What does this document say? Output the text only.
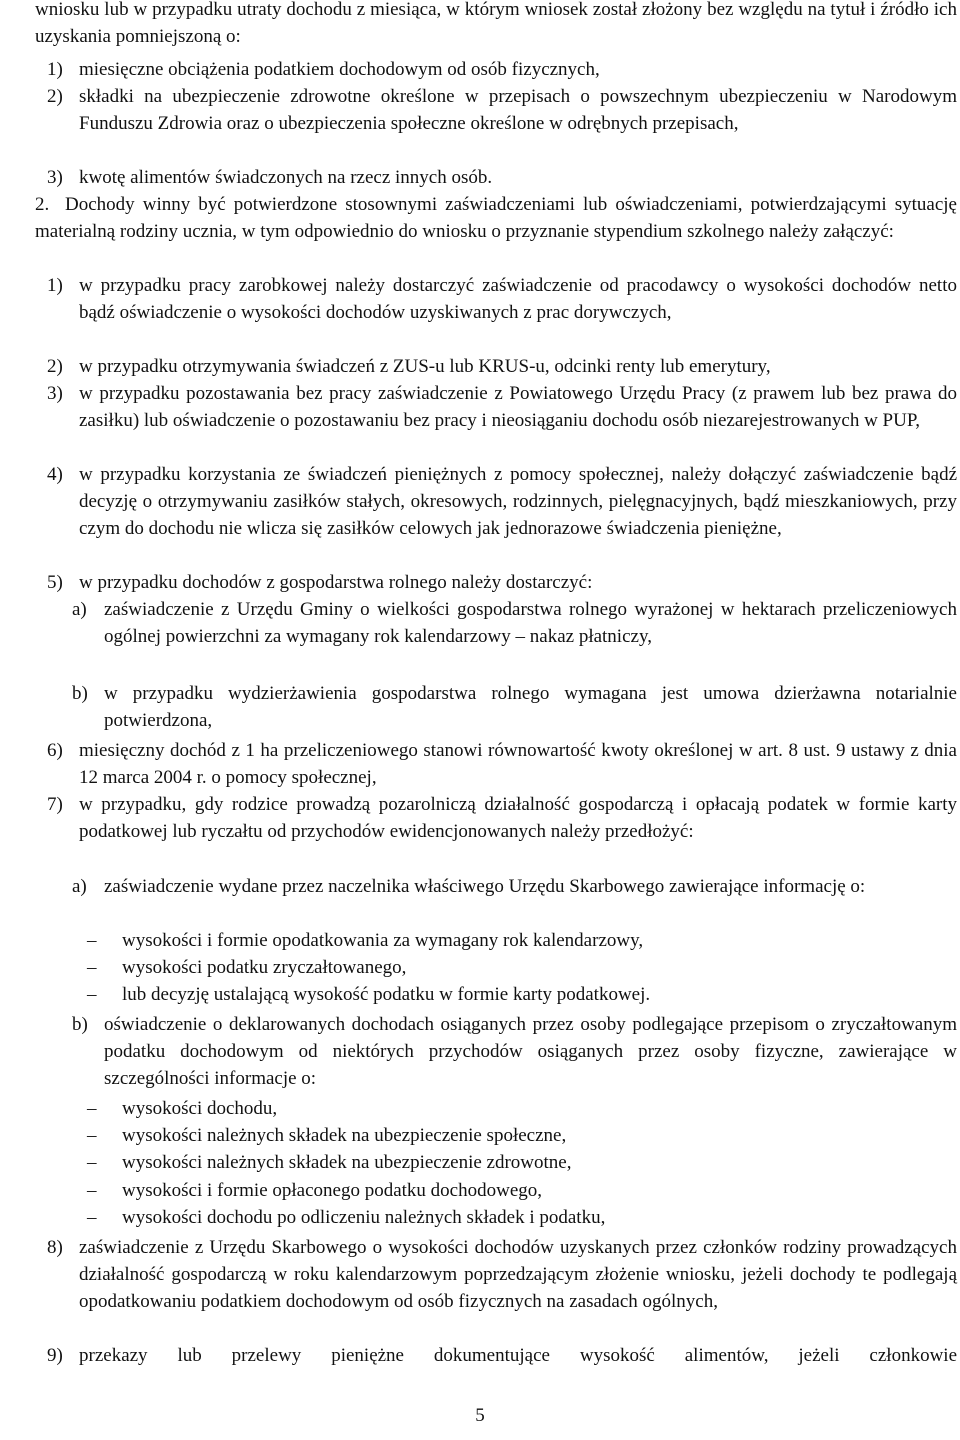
wniosku lub w przypadku utraty dochodu z miesiąca, w którym wniosek został złożony bez względu na tytuł i źródło ich uzyskania pomniejszoną o:

1) miesięczne obciążenia podatkiem dochodowym od osób fizycznych,

2) składki na ubezpieczenie zdrowotne określone w przepisach o powszechnym ubezpieczeniu w Narodowym Funduszu Zdrowia oraz o ubezpieczenia społeczne określone w odrębnych przepisach,

3) kwotę alimentów świadczonych na rzecz innych osób.

2. Dochody winny być potwierdzone stosownymi zaświadczeniami lub oświadczeniami, potwierdzającymi sytuację materialną rodziny ucznia, w tym odpowiednio do wniosku o przyznanie stypendium szkolnego należy załączyć:

1) w przypadku pracy zarobkowej należy dostarczyć zaświadczenie od pracodawcy o wysokości dochodów netto bądź oświadczenie o wysokości dochodów uzyskiwanych z prac dorywczych,

2) w przypadku otrzymywania świadczeń z ZUS-u lub KRUS-u, odcinki renty lub emerytury,

3) w przypadku pozostawania bez pracy zaświadczenie z Powiatowego Urzędu Pracy (z prawem lub bez prawa do zasiłku) lub oświadczenie o pozostawaniu bez pracy i nieosiąganiu dochodu osób niezarejestrowanych w PUP,

4) w przypadku korzystania ze świadczeń pieniężnych z pomocy społecznej, należy dołączyć zaświadczenie bądź decyzję o otrzymywaniu zasiłków stałych, okresowych, rodzinnych, pielęgnacyjnych, bądź mieszkaniowych, przy czym do dochodu nie wlicza się zasiłków celowych jak jednorazowe świadczenia pieniężne,

5) w przypadku dochodów z gospodarstwa rolnego należy dostarczyć:

a) zaświadczenie z Urzędu Gminy o wielkości gospodarstwa rolnego wyrażonej w hektarach przeliczeniowych ogólnej powierzchni za wymagany rok kalendarzowy – nakaz płatniczy,

b) w przypadku wydzierżawienia gospodarstwa rolnego wymagana jest umowa dzierżawna notarialnie potwierdzona,

6) miesięczny dochód z 1 ha przeliczeniowego stanowi równowartość kwoty określonej w art. 8 ust. 9 ustawy z dnia 12 marca 2004 r. o pomocy społecznej,

7) w przypadku, gdy rodzice prowadzą pozarolniczą działalność gospodarczą i opłacają podatek w formie karty podatkowej lub ryczałtu od przychodów ewidencjonowanych należy przedłożyć:

a) zaświadczenie wydane przez naczelnika właściwego Urzędu Skarbowego zawierające informację o:

– wysokości i formie opodatkowania za wymagany rok kalendarzowy,
– wysokości podatku zryczałtowanego,
– lub decyzję ustalającą wysokość podatku w formie karty podatkowej.
b) oświadczenie o deklarowanych dochodach osiąganych przez osoby podlegające przepisom o zryczałtowanym podatku dochodowym od niektórych przychodów osiąganych przez osoby fizyczne, zawierające w szczególności informacje o:

– wysokości dochodu,
– wysokości należnych składek na ubezpieczenie społeczne,
– wysokości należnych składek na ubezpieczenie zdrowotne,
– wysokości i formie opłaconego podatku dochodowego,
– wysokości dochodu po odliczeniu należnych składek i podatku,
8) zaświadczenie z Urzędu Skarbowego o wysokości dochodów uzyskanych przez członków rodziny prowadzących działalność gospodarczą w roku kalendarzowym poprzedzającym złożenie wniosku, jeżeli dochody te podlegają opodatkowaniu podatkiem dochodowym od osób fizycznych na zasadach ogólnych,

9) przekazy lub przelewy pieniężne dokumentujące wysokość alimentów, jeżeli członkowie

5
